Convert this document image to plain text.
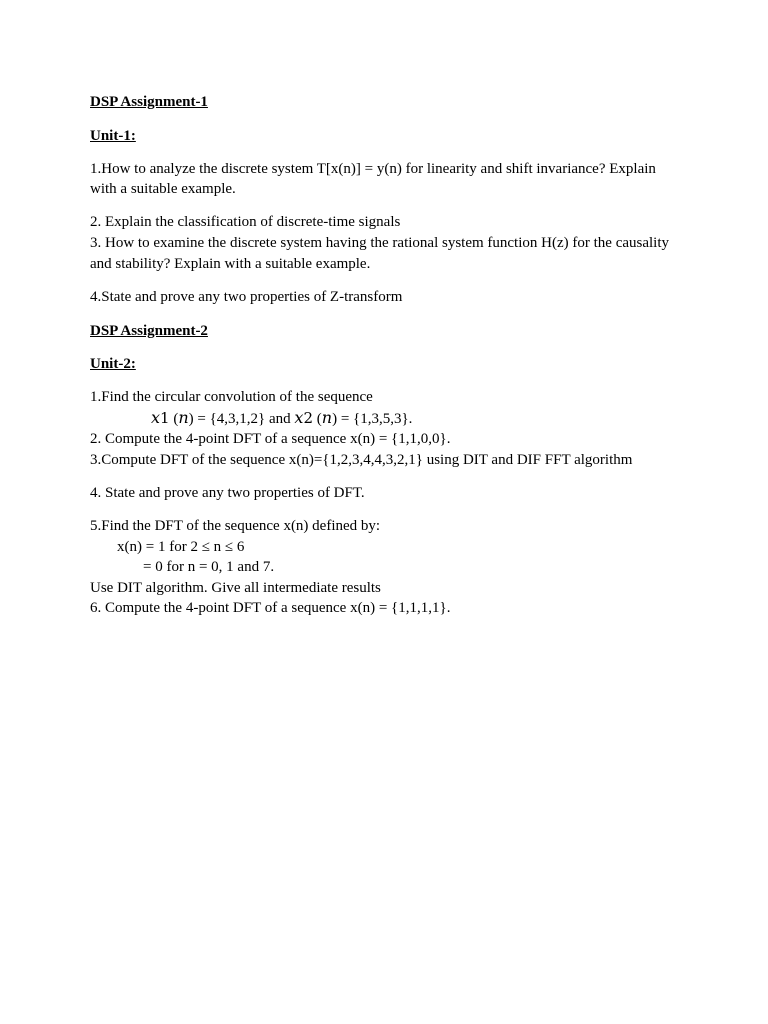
DSP Assignment-1
Unit-1:
1.How to analyze the discrete system T[x(n)] = y(n) for linearity and shift invariance? Explain
with a suitable example.
2. Explain the classification of discrete-time signals
3. How to examine the discrete system having the rational system function H(z) for the causality
and stability? Explain with a suitable example.
4.State and prove any two properties of Z-transform
DSP Assignment-2
Unit-2:
1.Find the circular convolution of the sequence
x1 (n) = {4,3,1,2} and x2 (n) = {1,3,5,3}.
2. Compute the 4-point DFT of a sequence x(n) = {1,1,0,0}.
3.Compute DFT of the sequence x(n)={1,2,3,4,4,3,2,1} using DIT and DIF FFT algorithm
4. State and prove any two properties of DFT.
5.Find the DFT of the sequence x(n) defined by:
x(n) = 1 for 2 ≤ n ≤ 6
= 0 for n = 0, 1 and 7.
Use DIT algorithm. Give all intermediate results
6. Compute the 4-point DFT of a sequence x(n) = {1,1,1,1}.
